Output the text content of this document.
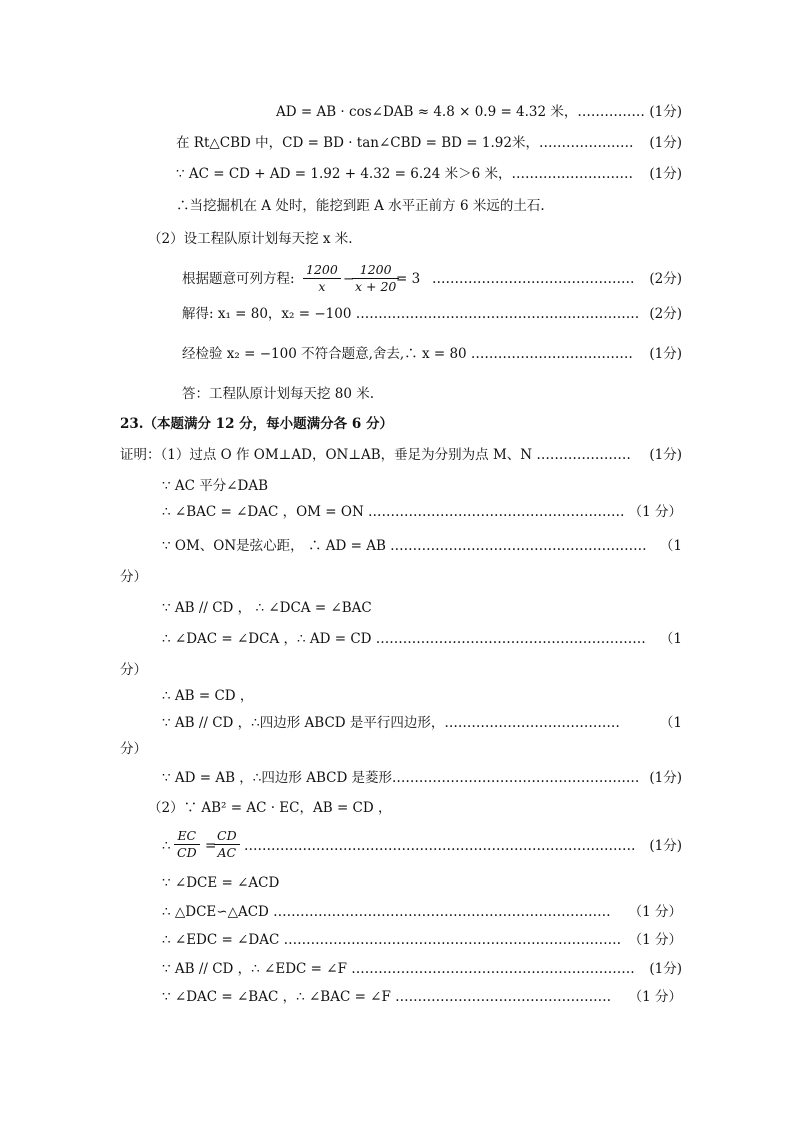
AD = AB · cos∠DAB ≈ 4.8 × 0.9 = 4.32 米，…………… (1分)
在 Rt△CBD 中，CD = BD · tan∠CBD = BD = 1.92米，………………… (1分)
∵ AC = CD + AD = 1.92 + 4.32 = 6.24 米＞6 米，……………………… (1分)
∴当挖掘机在 A 处时，能挖到距 A 水平正前方 6 米远的土石.
（2）设工程队原计划每天挖 x 米.
根据题意可列方程: $\frac{1200}{x}$ −
$\frac{1200}{x + 20}$
= 3 ……………………………………… (2分)
解得: x₁ = 80，x₂ = −100 ……………………………………………………… (2分)
经检验 x₂ = −100 不符合题意,舍去,∴ x = 80 ……………………………… (1分)
答：工程队原计划每天挖 80 米.
23.（本题满分 12 分，每小题满分各 6 分）
证明：（1）过点 O 作 OM⊥AD，ON⊥AB，垂足为分别为点 M、N ………………… (1分)
∵ AC 平分∠DAB
∴ ∠BAC = ∠DAC ，OM = ON ………………………………………………… （1 分）
∵ OM、ON是弦心距， ∴ AD = AB ………………………………………………… （1
分）
∵ AB // CD ， ∴ ∠DCA = ∠BAC
∴ ∠DAC = ∠DCA ，∴ AD = CD …………………………………………………… （1
分）
∴ AB = CD ，
∵ AB // CD ，∴四边形 ABCD 是平行四边形，…………………………………	（1
分）
∵ AD = AB ，∴四边形 ABCD 是菱形.……………………………………………… (1分)
（2）∵ AB² = AC · EC，AB = CD ，
∴ $\frac{EC}{CD}$ =
$\frac{CD}{AC}$ …………………………………………………………………………… (1分)
∵ ∠DCE = ∠ACD
∴ △DCE∽△ACD ………………………………………………………………… （1 分）
∴ ∠EDC = ∠DAC ………………………………………………………………… （1 分）
∵ AB // CD ，∴ ∠EDC = ∠F ……………………………………………………… (1分)
∵ ∠DAC = ∠BAC ，∴ ∠BAC = ∠F ………………………………………… （1 分）
